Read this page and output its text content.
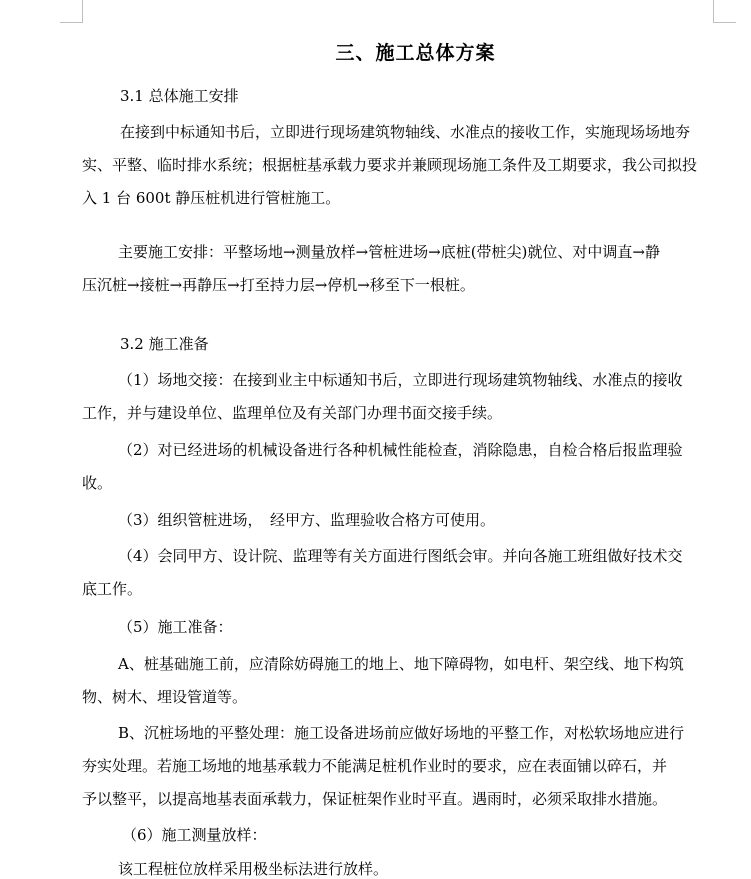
三、施工总体方案
3.1 总体施工安排
在接到中标通知书后，立即进行现场建筑物轴线、水准点的接收工作，实施现场场地夯
实、平整、临时排水系统；根据桩基承载力要求并兼顾现场施工条件及工期要求，我公司拟投
入 1 台 600t 静压桩机进行管桩施工。
主要施工安排：平整场地→测量放样→管桩进场→底桩(带桩尖)就位、对中调直→静
压沉桩→接桩→再静压→打至持力层→停机→移至下一根桩。
3.2 施工准备
（1）场地交接：在接到业主中标通知书后，立即进行现场建筑物轴线、水准点的接收
工作，并与建设单位、监理单位及有关部门办理书面交接手续。
（2）对已经进场的机械设备进行各种机械性能检查，消除隐患，自检合格后报监理验
收。
（3）组织管桩进场，　经甲方、监理验收合格方可使用。
（4）会同甲方、设计院、监理等有关方面进行图纸会审。并向各施工班组做好技术交
底工作。
（5）施工准备：
A、桩基础施工前，应清除妨碍施工的地上、地下障碍物，如电杆、架空线、地下构筑
物、树木、埋设管道等。
B、沉桩场地的平整处理：施工设备进场前应做好场地的平整工作，对松软场地应进行
夯实处理。若施工场地的地基承载力不能满足桩机作业时的要求，应在表面铺以碎石，并
予以整平，以提高地基表面承载力，保证桩架作业时平直。遇雨时，必须采取排水措施。
（6）施工测量放样：
该工程桩位放样采用极坐标法进行放样。
